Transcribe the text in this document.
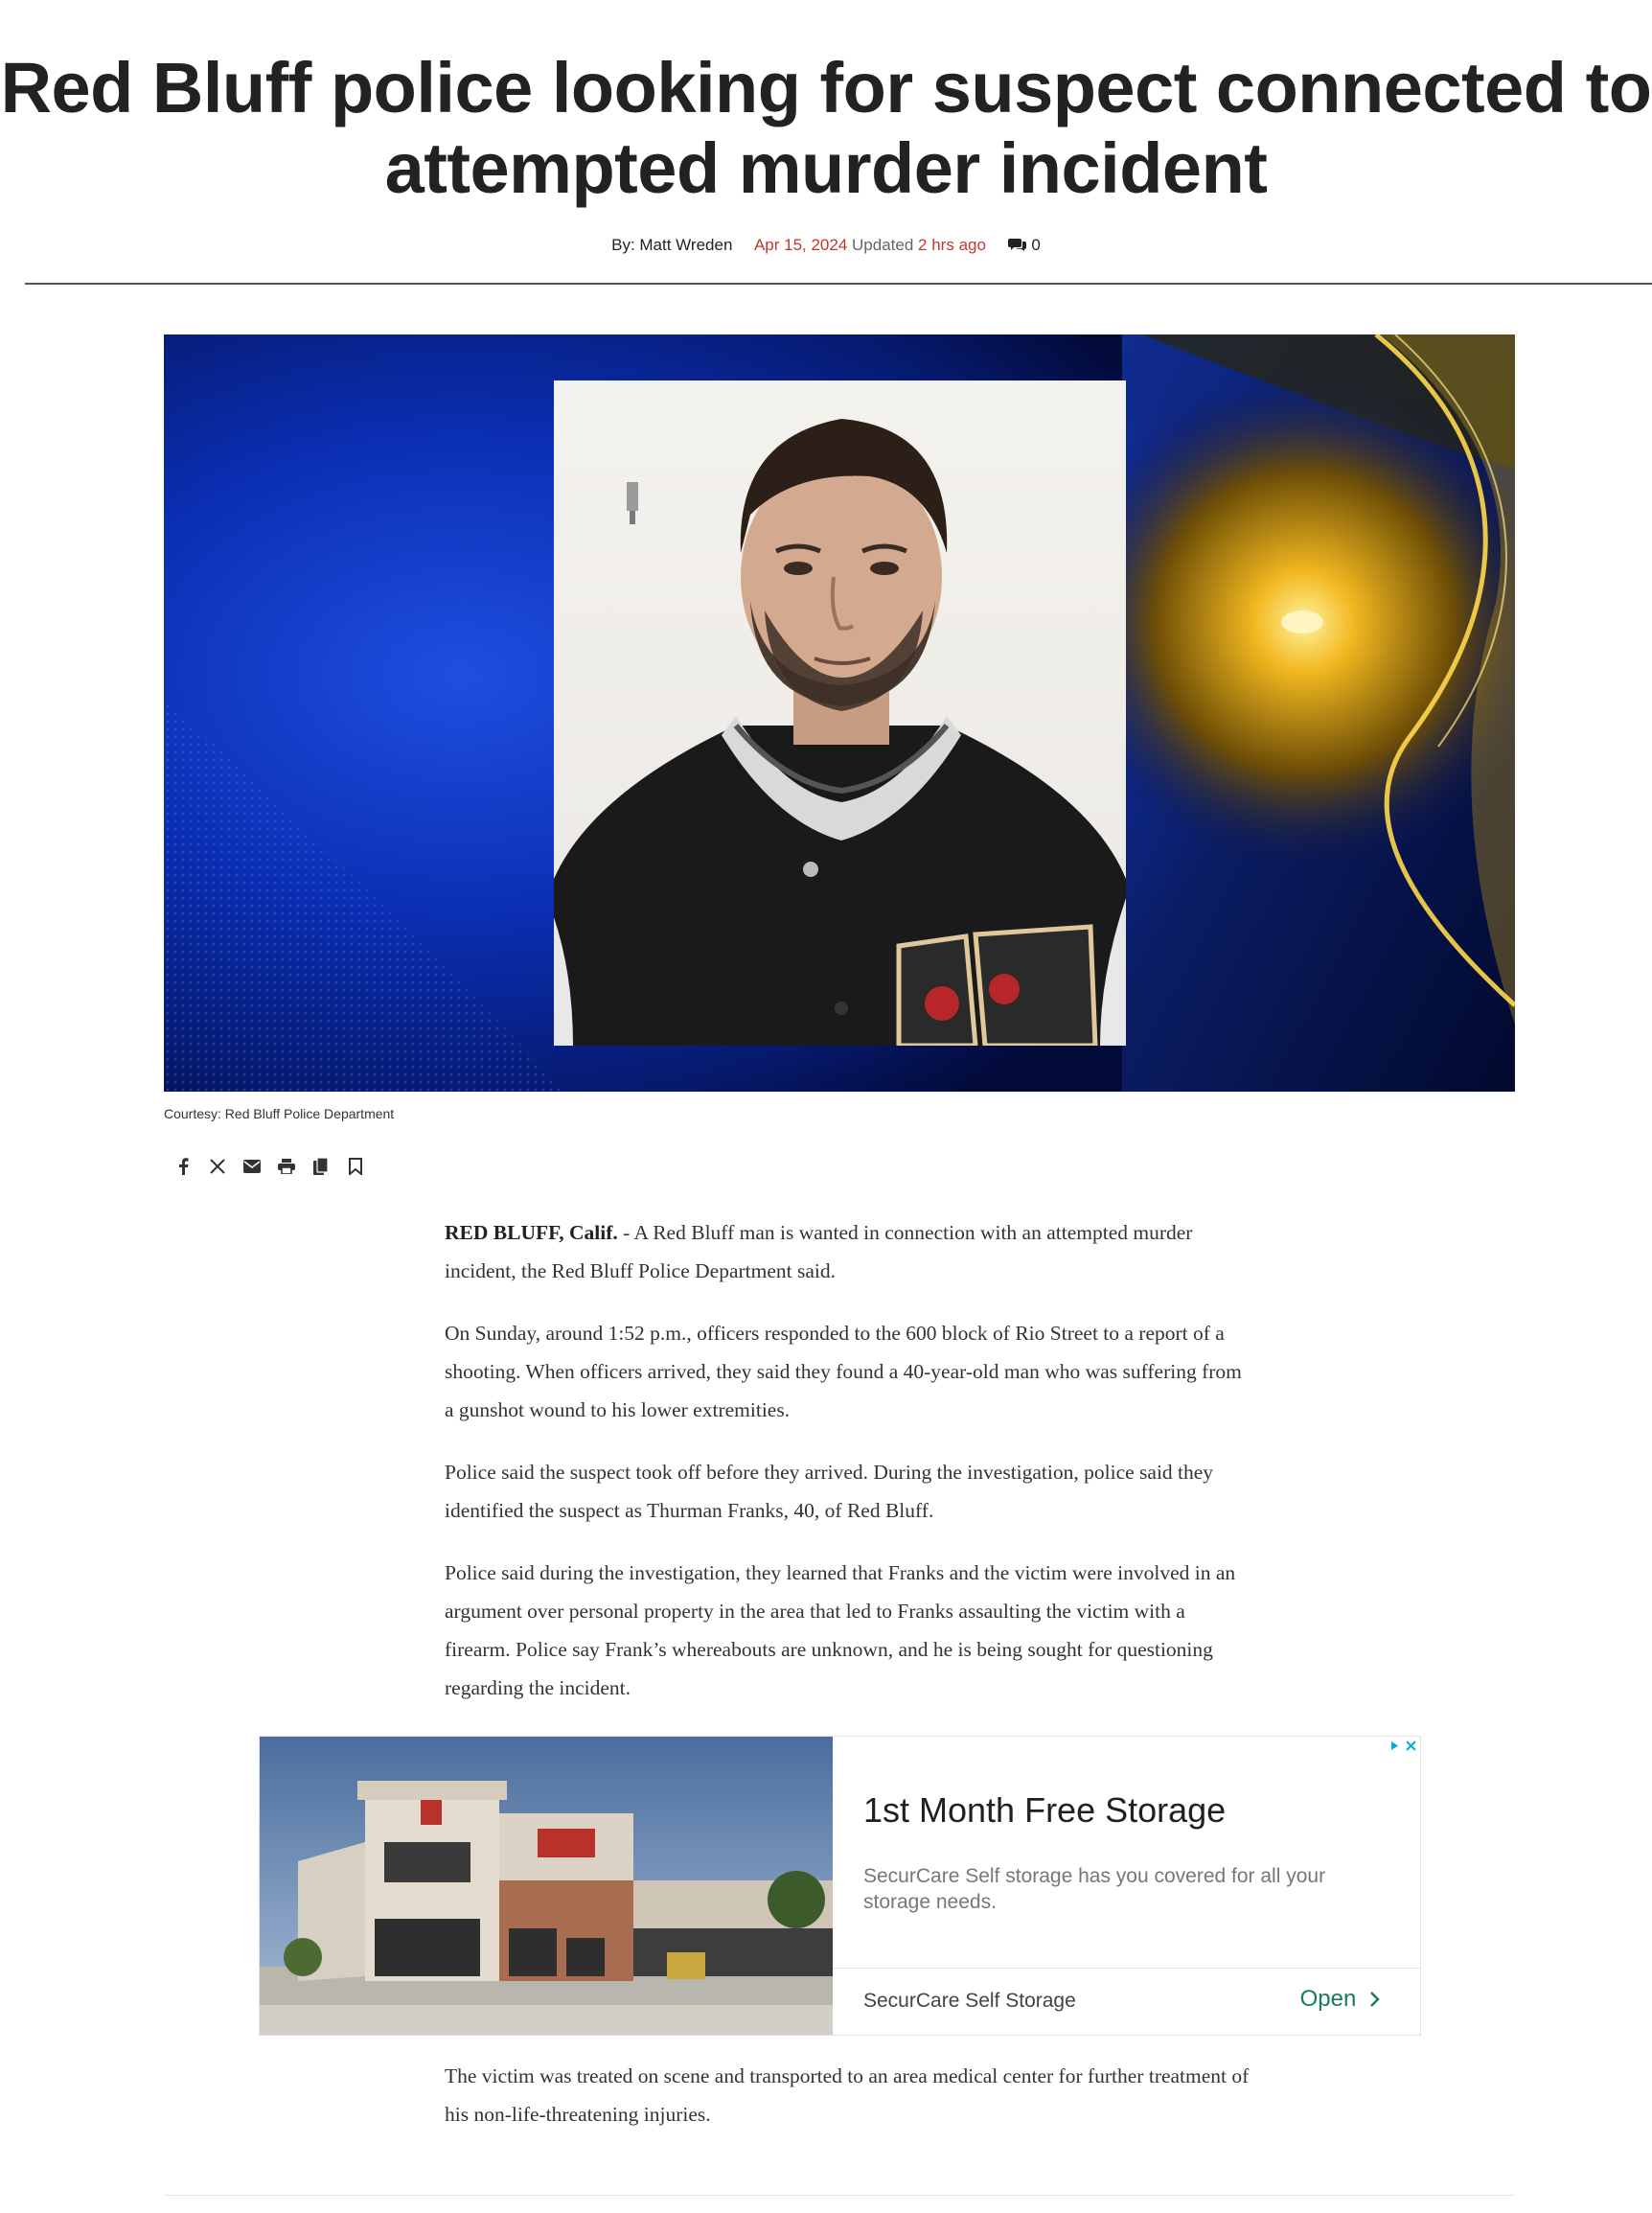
Red Bluff police looking for suspect connected to attempted murder incident
By: Matt Wreden Apr 15, 2024 Updated 2 hrs ago	0
Courtesy: Red Bluff Police Department

RED BLUFF, Calif. - A Red Bluff man is wanted in connection with an attempted murder incident, the Red Bluff Police Department said.

On Sunday, around 1:52 p.m., officers responded to the 600 block of Rio Street to a report of a shooting. When officers arrived, they said they found a 40-year-old man who was suffering from a gunshot wound to his lower extremities.

Police said the suspect took off before they arrived. During the investigation, police said they identified the suspect as Thurman Franks, 40, of Red Bluff.

Police said during the investigation, they learned that Franks and the victim were involved in an argument over personal property in the area that led to Franks assaulting the victim with a firearm. Police say Frank’s whereabouts are unknown, and he is being sought for questioning regarding the incident.

1st Month Free Storage
SecurCare Self storage has you covered for all your storage needs.
SecurCare Self Storage	Open

The victim was treated on scene and transported to an area medical center for further treatment of his non-life-threatening injuries.
